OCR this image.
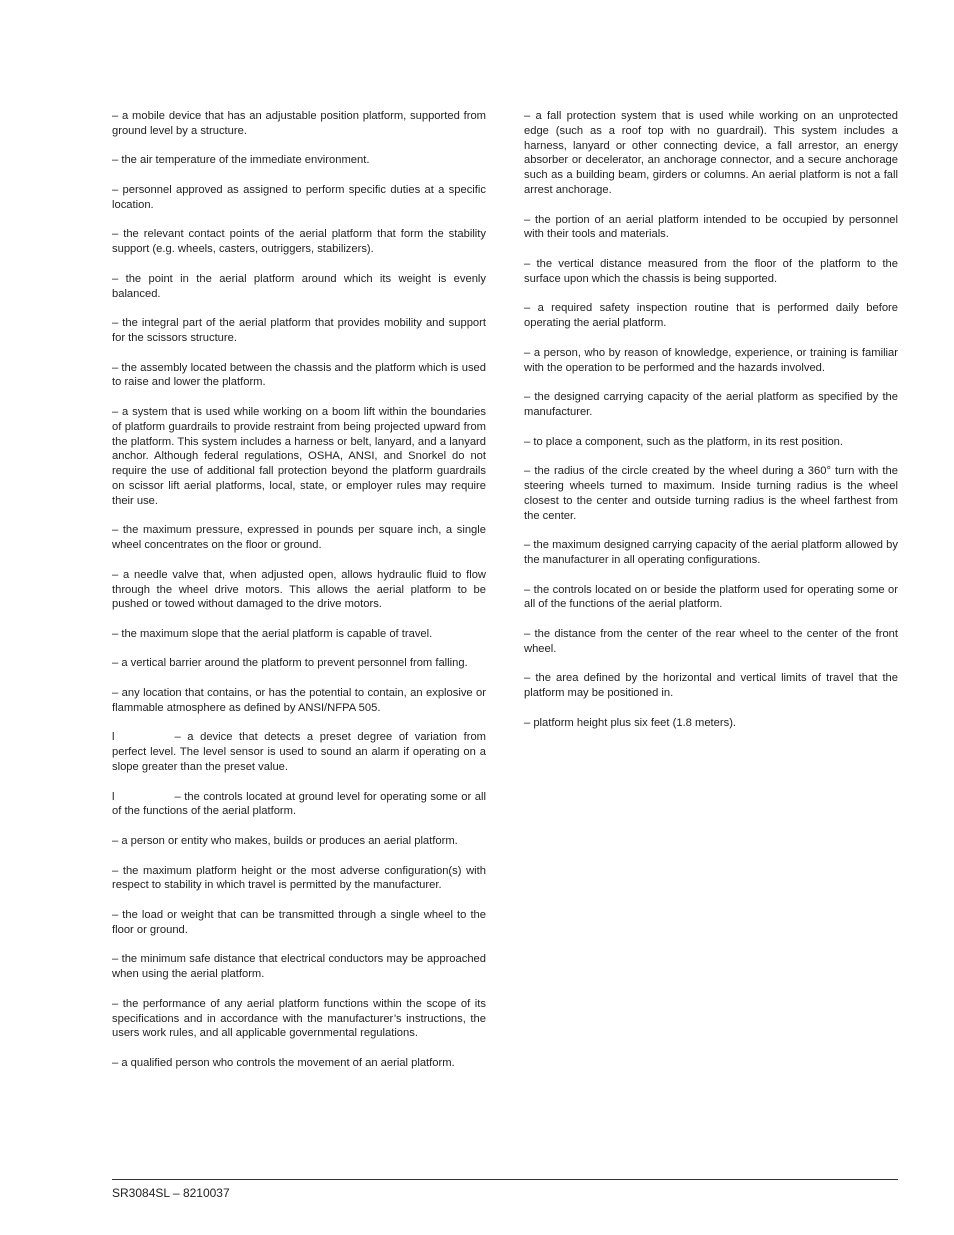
– a mobile device that has an adjustable position platform, supported from ground level by a structure.

– the air temperature of the immediate environment.

– personnel approved as assigned to perform specific duties at a specific location.

– the relevant contact points of the aerial platform that form the stability support (e.g. wheels, casters, outriggers, stabilizers).

– the point in the aerial platform around which its weight is evenly balanced.

– the integral part of the aerial platform that provides mobility and support for the scissors structure.

– the assembly located between the chassis and the platform which is used to raise and lower the platform.

– a system that is used while working on a boom lift within the boundaries of platform guardrails to provide restraint from being projected upward from the platform. This system includes a harness or belt, lanyard, and a lanyard anchor. Although federal regulations, OSHA, ANSI, and Snorkel do not require the use of additional fall protection beyond the platform guardrails on scissor lift aerial platforms, local, state, or employer rules may require their use.

– the maximum pressure, expressed in pounds per square inch, a single wheel concentrates on the floor or ground.

– a needle valve that, when adjusted open, allows hydraulic fluid to flow through the wheel drive motors. This allows the aerial platform to be pushed or towed without damaged to the drive motors.

– the maximum slope that the aerial platform is capable of travel.

– a vertical barrier around the platform to prevent personnel from falling.

– any location that contains, or has the potential to contain, an explosive or flammable atmosphere as defined by ANSI/NFPA 505.

l	– a device that detects a preset degree of variation from perfect level. The level sensor is used to sound an alarm if operating on a slope greater than the preset value.

l	– the controls located at ground level for operating some or all of the functions of the aerial platform.

– a person or entity who makes, builds or produces an aerial platform.

– the maximum platform height or the most adverse configuration(s) with respect to stability in which travel is permitted by the manufacturer.

– the load or weight that can be transmitted through a single wheel to the floor or ground.

– the minimum safe distance that electrical conductors may be approached when using the aerial platform.

– the performance of any aerial platform functions within the scope of its specifications and in accordance with the manufacturer’s instructions, the users work rules, and all applicable governmental regulations.

– a qualified person who controls the movement of an aerial platform.

– a fall protection system that is used while working on an unprotected edge (such as a roof top with no guardrail). This system includes a harness, lanyard or other connecting device, a fall arrestor, an energy absorber or decelerator, an anchorage connector, and a secure anchorage such as a building beam, girders or columns. An aerial platform is not a fall arrest anchorage.

– the portion of an aerial platform intended to be occupied by personnel with their tools and materials.

– the vertical distance measured from the floor of the platform to the surface upon which the chassis is being supported.

– a required safety inspection routine that is performed daily before operating the aerial platform.

– a person, who by reason of knowledge, experience, or training is familiar with the operation to be performed and the hazards involved.

– the designed carrying capacity of the aerial platform as specified by the manufacturer.

– to place a component, such as the platform, in its rest position.

– the radius of the circle created by the wheel during a 360° turn with the steering wheels turned to maximum. Inside turning radius is the wheel closest to the center and outside turning radius is the wheel farthest from the center.

– the maximum designed carrying capacity of the aerial platform allowed by the manufacturer in all operating configurations.

– the controls located on or beside the platform used for operating some or all of the functions of the aerial platform.

– the distance from the center of the rear wheel to the center of the front wheel.

– the area defined by the horizontal and vertical limits of travel that the platform may be positioned in.

– platform height plus six feet (1.8 meters).

SR3084SL – 8210037
